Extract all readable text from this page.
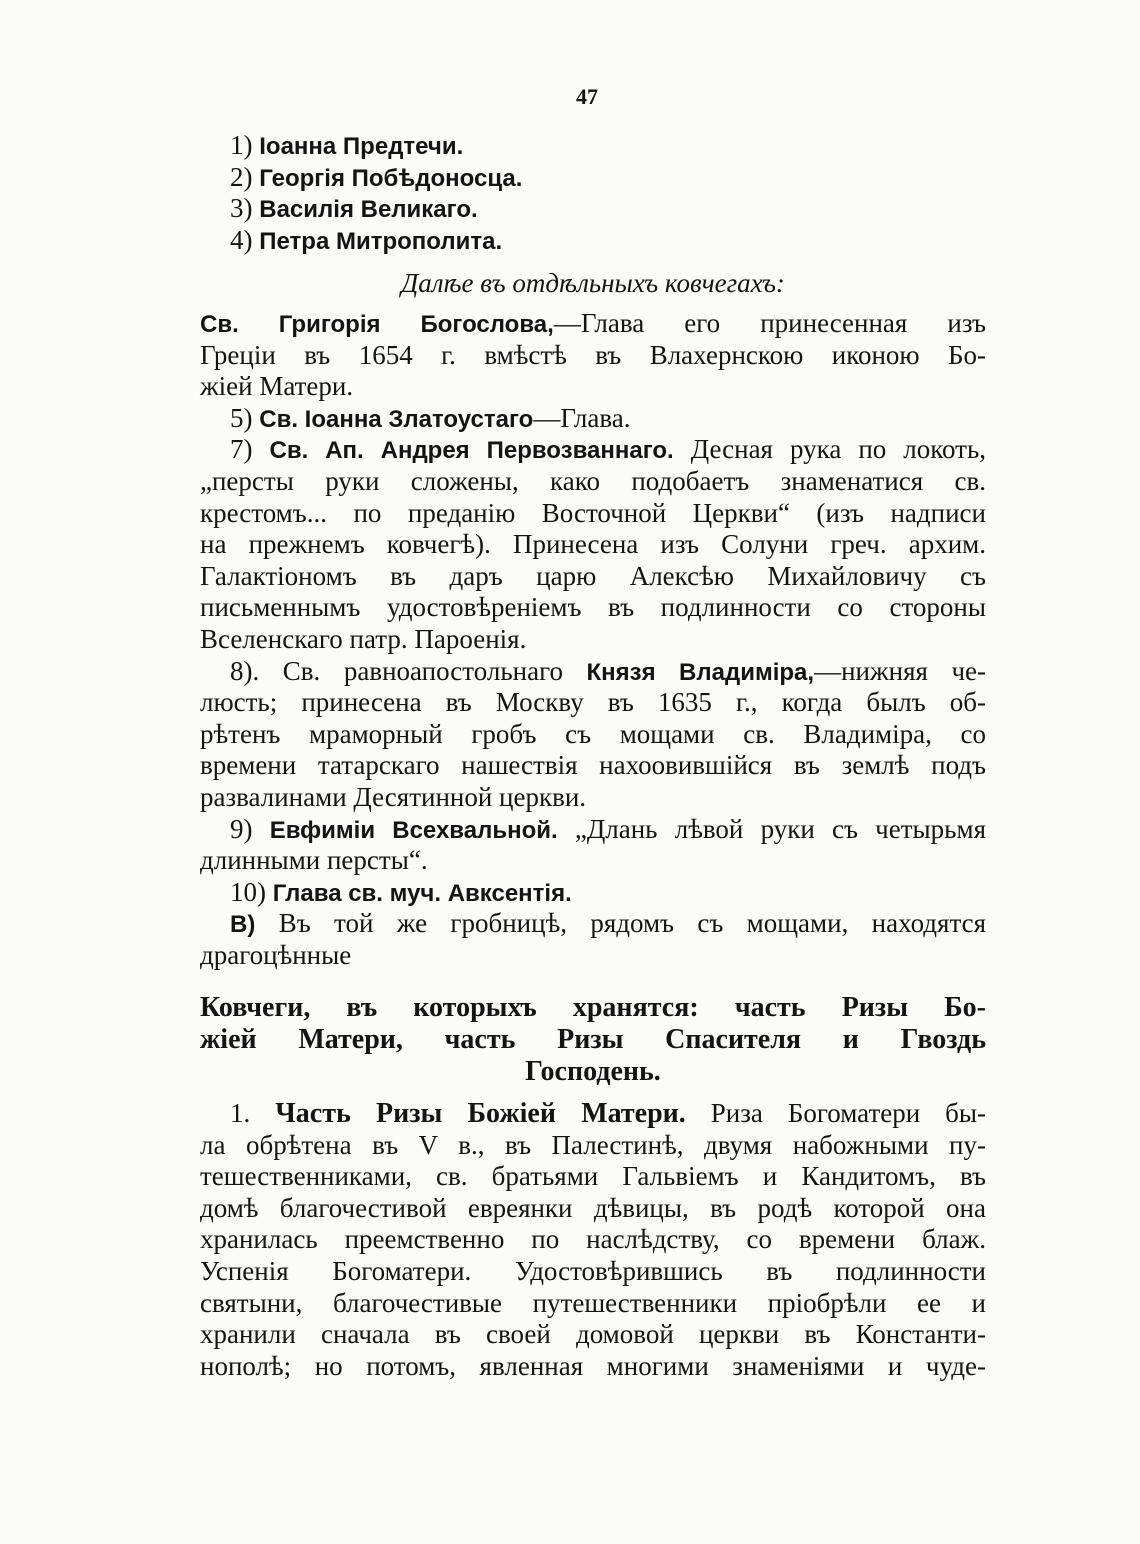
47
1) Іоанна Предтечи.
2) Георгія Побѣдоносца.
3) Василія Великаго.
4) Петра Митрополита.
Далѣе въ отдѣльныхъ ковчегахъ:
Св. Григорія Богослова,—Глава его принесенная изъ
Греціи въ 1654 г. вмѣстѣ въ Влахернскою иконою Бо-
жіей Матери.
5) Св. Іоанна Златоустаго—Глава.
7) Св. Ап. Андрея Первозваннаго. Десная рука по локоть,
„персты руки сложены, како подобаетъ знаменатися св.
крестомъ... по преданію Восточной Церкви“ (изъ надписи
на прежнемъ ковчегѣ). Принесена изъ Солуни греч. архим.
Галактіономъ въ даръ царю Алексѣю Михайловичу съ
письменнымъ удостовѣреніемъ въ подлинности со стороны
Вселенскаго патр. Пароенія.
8). Св. равноапостольнаго Князя Владиміра,—нижняя че-
люсть; принесена въ Москву въ 1635 г., когда былъ об-
рѣтенъ мраморный гробъ съ мощами св. Владиміра, со
времени татарскаго нашествія нахоовившійся въ землѣ подъ
развалинами Десятинной церкви.
9) Евфиміи Всехвальной. „Длань лѣвой руки съ четырьмя
длинными персты“.
10) Глава св. муч. Авксентія.
В) Въ той же гробницѣ, рядомъ съ мощами, находятся
драгоцѣнные
Ковчеги, въ которыхъ хранятся: часть Ризы Бо-
жіей Матери, часть Ризы Спасителя и Гвоздь
Господень.
1. Часть Ризы Божіей Матери. Риза Богоматери бы-
ла обрѣтена въ V в., въ Палестинѣ, двумя набожными пу-
тешественниками, св. братьями Гальвіемъ и Кандитомъ, въ
домѣ благочестивой евреянки дѣвицы, въ родѣ которой она
хранилась преемственно по наслѣдству, со времени блаж.
Успенія Богоматери. Удостовѣрившись въ подлинности
святыни, благочестивые путешественники пріобрѣли ее и
хранили сначала въ своей домовой церкви въ Константи-
нополѣ; но потомъ, явленная многими знаменіями и чуде-
